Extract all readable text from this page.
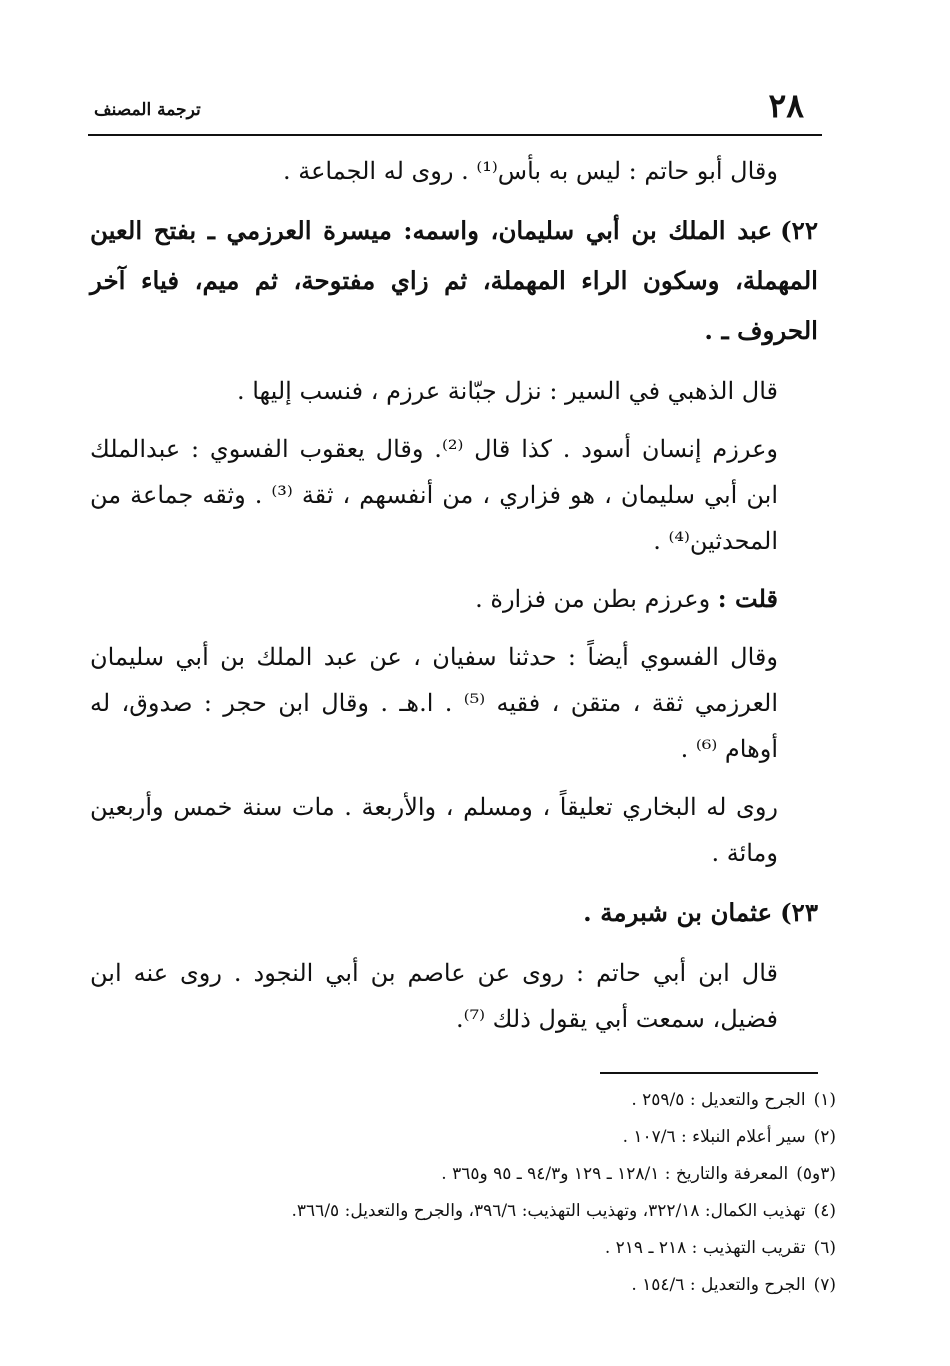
٢٨
ترجمة المصنف

وقال أبو حاتم : ليس به بأس⁽¹⁾ . روى له الجماعة .

٢٢)عبد الملك بن أبي سليمان، واسمه: ميسرة العرزمي ـ بفتح العين المهملة، وسكون الراء المهملة، ثم زاي مفتوحة، ثم ميم، فياء آخر الحروف ـ .

قال الذهبي في السير : نزل جبّانة عرزم ، فنسب إليها .

وعرزم إنسان أسود . كذا قال ⁽²⁾. وقال يعقوب الفسوي : عبدالملك ابن أبي سليمان ، هو فزاري ، من أنفسهم ، ثقة ⁽³⁾ . وثقه جماعة من المحدثين⁽⁴⁾ .

قلت : وعرزم بطن من فزارة .

وقال الفسوي أيضاً : حدثنا سفيان ، عن عبد الملك بن أبي سليمان العرزمي ثقة ، متقن ، فقيه ⁽⁵⁾ . ا.هـ . وقال ابن حجر : صدوق، له أوهام ⁽⁶⁾ .

روى له البخاري تعليقاً ، ومسلم ، والأربعة . مات سنة خمس وأربعين ومائة .

٢٣)عثمان بن شبرمة .

قال ابن أبي حاتم : روى عن عاصم بن أبي النجود . روى عنه ابن فضيل، سمعت أبي يقول ذلك ⁽⁷⁾.

(١)الجرح والتعديل : ٢٥٩/٥ .

(٢)سير أعلام النبلاء : ١٠٧/٦ .

(٣و٥)المعرفة والتاريخ : ١٢٨/١ ـ ١٢٩ و٩٤/٣ ـ ٩٥ و٣٦٥ .

(٤)تهذيب الكمال: ٣٢٢/١٨، وتهذيب التهذيب: ٣٩٦/٦، والجرح والتعديل: ٣٦٦/٥.

(٦)تقريب التهذيب : ٢١٨ ـ ٢١٩ .

(٧)الجرح والتعديل : ١٥٤/٦ .
